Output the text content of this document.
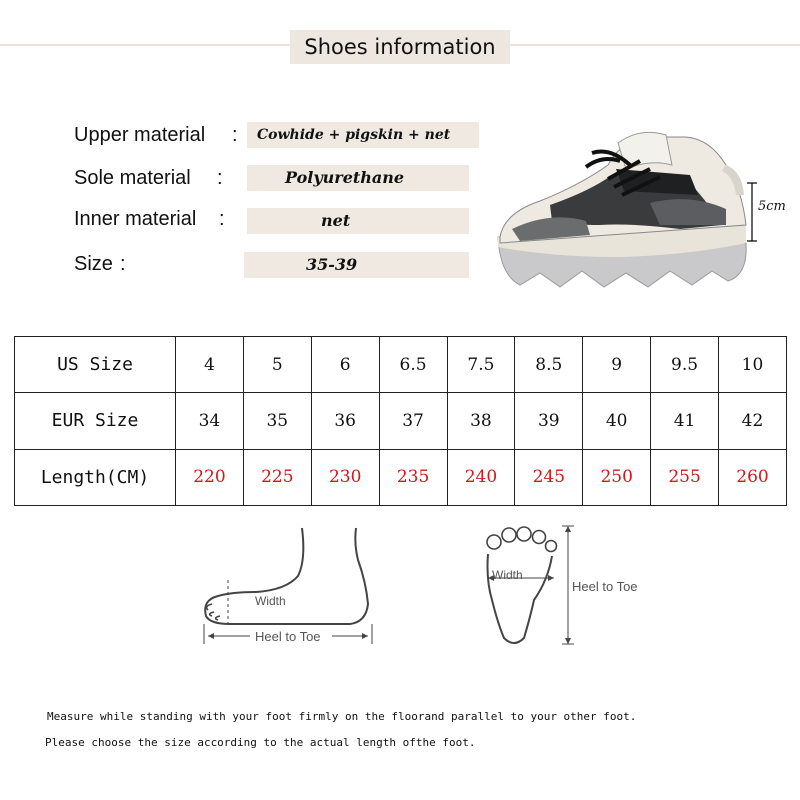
Shoes information
Upper material :	Cowhide + pigskin + net
Sole material :	Polyurethane
Inner material :	net
Size :	35-39
5cm
US Size	4	5	6	6.5	7.5	8.5	9	9.5	10
EUR Size	34	35	36	37	38	39	40	41	42
Length(CM)	220	225	230	235	240	245	250	255	260
Width
Heel to Toe
Width
Heel to Toe
Measure while standing with your foot firmly on the floorand parallel to your other foot.
Please choose the size according to the actual length ofthe foot.
